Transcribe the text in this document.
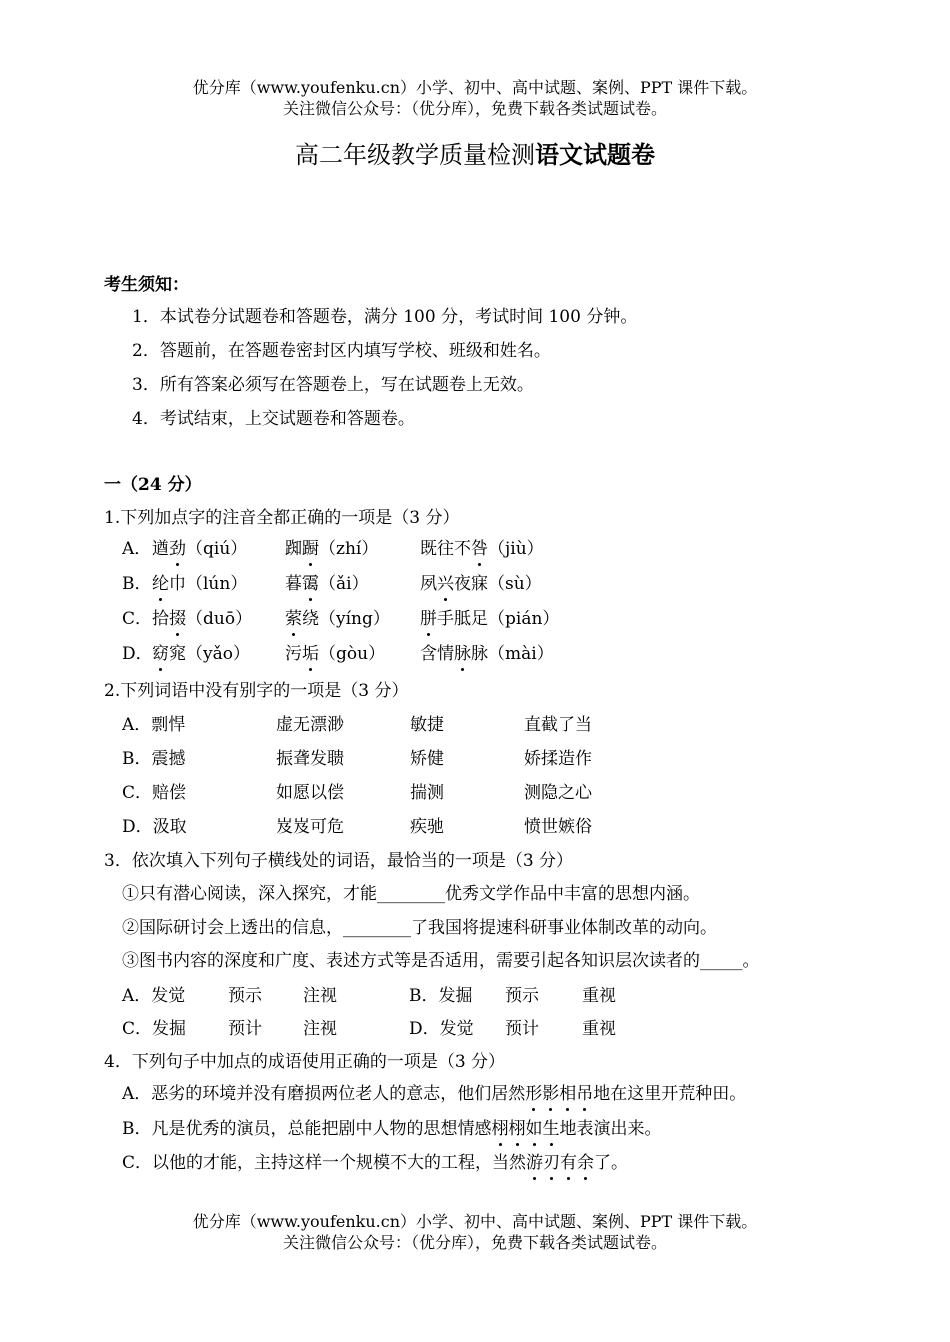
优分库（www.youfenku.cn）小学、初中、高中试题、案例、PPT 课件下载。
关注微信公众号：（优分库），免费下载各类试题试卷。
高二年级教学质量检测语文试题卷
考生须知：
1．本试卷分试题卷和答题卷，满分 100 分，考试时间 100 分钟。
2．答题前，在答题卷密封区内填写学校、班级和姓名。
3．所有答案必须写在答题卷上，写在试题卷上无效。
4．考试结束，上交试题卷和答题卷。
一（24 分）
1.下列加点字的注音全都正确的一项是（3 分）
A． 遒劲（qiú） 踟蹰（zhí） 既往不咎（jiù）
B． 纶巾（lún） 暮霭（ǎi）	夙兴夜寐（sù）
C． 拾掇（duō） 萦绕（yíng） 胼手胝足（pián）
D． 窈窕（yǎo） 污垢（gòu） 含情脉脉（mài）
2.下列词语中没有别字的一项是（3 分）
A．剽悍	虚无漂渺	敏捷	直截了当
B．震撼	振聋发聩	矫健	娇揉造作
C．赔偿	如愿以偿	揣测	测隐之心
D．汲取	岌岌可危	疾驰	愤世嫉俗
3．依次填入下列句子横线处的词语，最恰当的一项是（3 分）
①只有潜心阅读，深入探究，才能________优秀文学作品中丰富的思想内涵。
②国际研讨会上透出的信息，________了我国将提速科研事业体制改革的动向。
③图书内容的深度和广度、表述方式等是否适用，需要引起各知识层次读者的_____。
A．发觉	预示 注视	B．发掘 预示	重视
C．发掘 预计 注视	D．发觉 预计	重视
4．下列句子中加点的成语使用正确的一项是（3 分）
A．恶劣的环境并没有磨损两位老人的意志，他们居然形影相吊地在这里开荒种田。
B．凡是优秀的演员，总能把剧中人物的思想情感栩栩如生地表演出来。
C．以他的才能，主持这样一个规模不大的工程，当然游刃有余了。
优分库（www.youfenku.cn）小学、初中、高中试题、案例、PPT 课件下载。
关注微信公众号：（优分库），免费下载各类试题试卷。
